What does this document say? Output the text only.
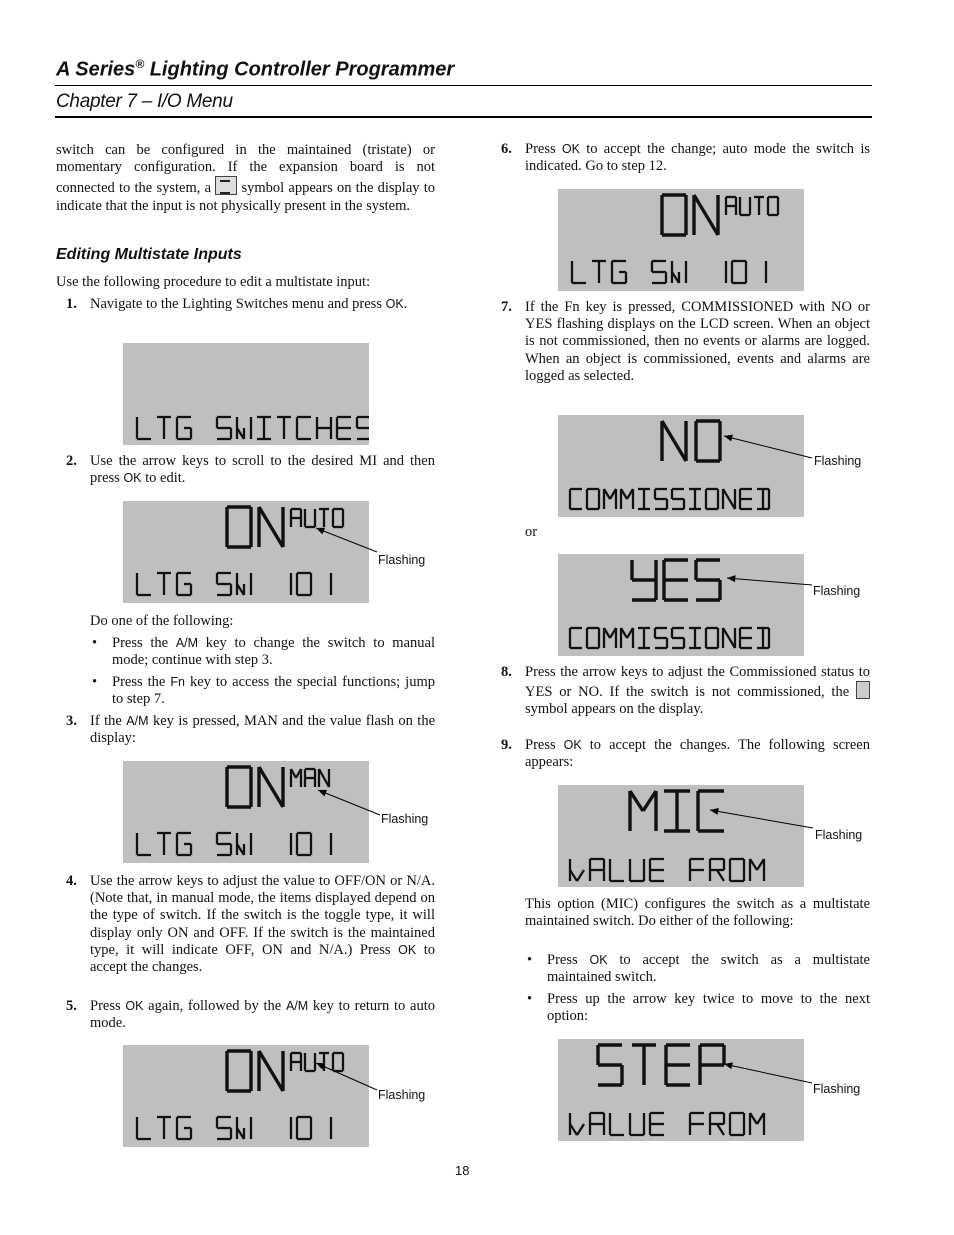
A Series® Lighting Controller Programmer
Chapter 7 – I/O Menu

switch can be configured in the maintained (tristate) or momentary configuration. If the expansion board is not connected to the system, a symbol appears on the display to indicate that the input is not physically present in the system.

Editing Multistate Inputs

Use the following procedure to edit a multistate input:

1. Navigate to the Lighting Switches menu and press OK.
2. Use the arrow keys to scroll to the desired MI and then press OK to edit.
Flashing
Do one of the following:
• Press the A/M key to change the switch to manual mode; continue with step 3.
• Press the Fn key to access the special functions; jump to step 7.
3. If the A/M key is pressed, MAN and the value flash on the display:
Flashing
4. Use the arrow keys to adjust the value to OFF/ON or N/A. (Note that, in manual mode, the items displayed depend on the type of switch. If the switch is the toggle type, it will display only ON and OFF. If the switch is the maintained type, it will indicate OFF, ON and N/A.) Press OK to accept the changes.
5. Press OK again, followed by the A/M key to return to auto mode.
Flashing
6. Press OK to accept the change; auto mode the switch is indicated. Go to step 12.
7. If the Fn key is pressed, COMMISSIONED with NO or YES flashing displays on the LCD screen. When an object is not commissioned, then no events or alarms are logged. When an object is commissioned, events and alarms are logged as selected.
Flashing
or
Flashing
8. Press the arrow keys to adjust the Commissioned status to YES or NO. If the switch is not commissioned, the  symbol appears on the display.
9. Press OK to accept the changes. The following screen appears:
Flashing
This option (MIC) configures the switch as a multistate maintained switch. Do either of the following:
• Press OK to accept the switch as a multistate maintained switch.
• Press up the arrow key twice to move to the next option:
Flashing
18
